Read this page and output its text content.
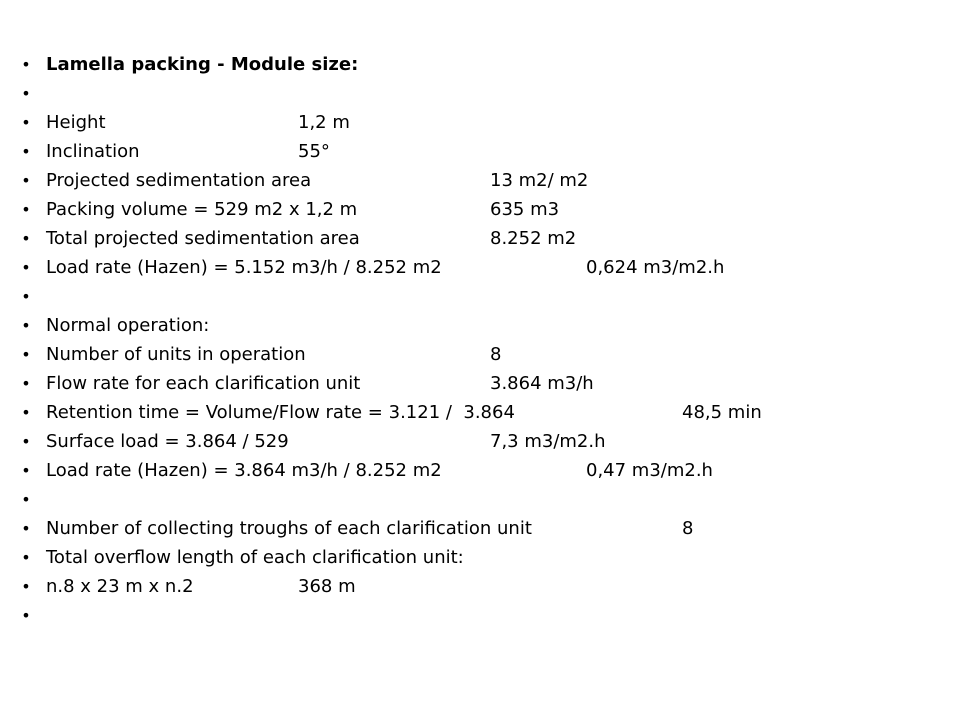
• Lamella packing - Module size:
•
• Height	1,2 m
• Inclination	55°
• Projected sedimentation area	13 m2/ m2
• Packing volume = 529 m2 x 1,2 m	635 m3
• Total projected sedimentation area	8.252 m2
• Load rate (Hazen) = 5.152 m3/h / 8.252 m2	0,624 m3/m2.h
•
• Normal operation:
• Number of units in operation	8
• Flow rate for each clarification unit	3.864 m3/h
• Retention time = Volume/Flow rate = 3.121 /  3.864	48,5 min
• Surface load = 3.864 / 529	7,3 m3/m2.h
• Load rate (Hazen) = 3.864 m3/h / 8.252 m2	0,47 m3/m2.h
•
• Number of collecting troughs of each clarification unit	8
• Total overflow length of each clarification unit:
• n.8 x 23 m x n.2	368 m
•
